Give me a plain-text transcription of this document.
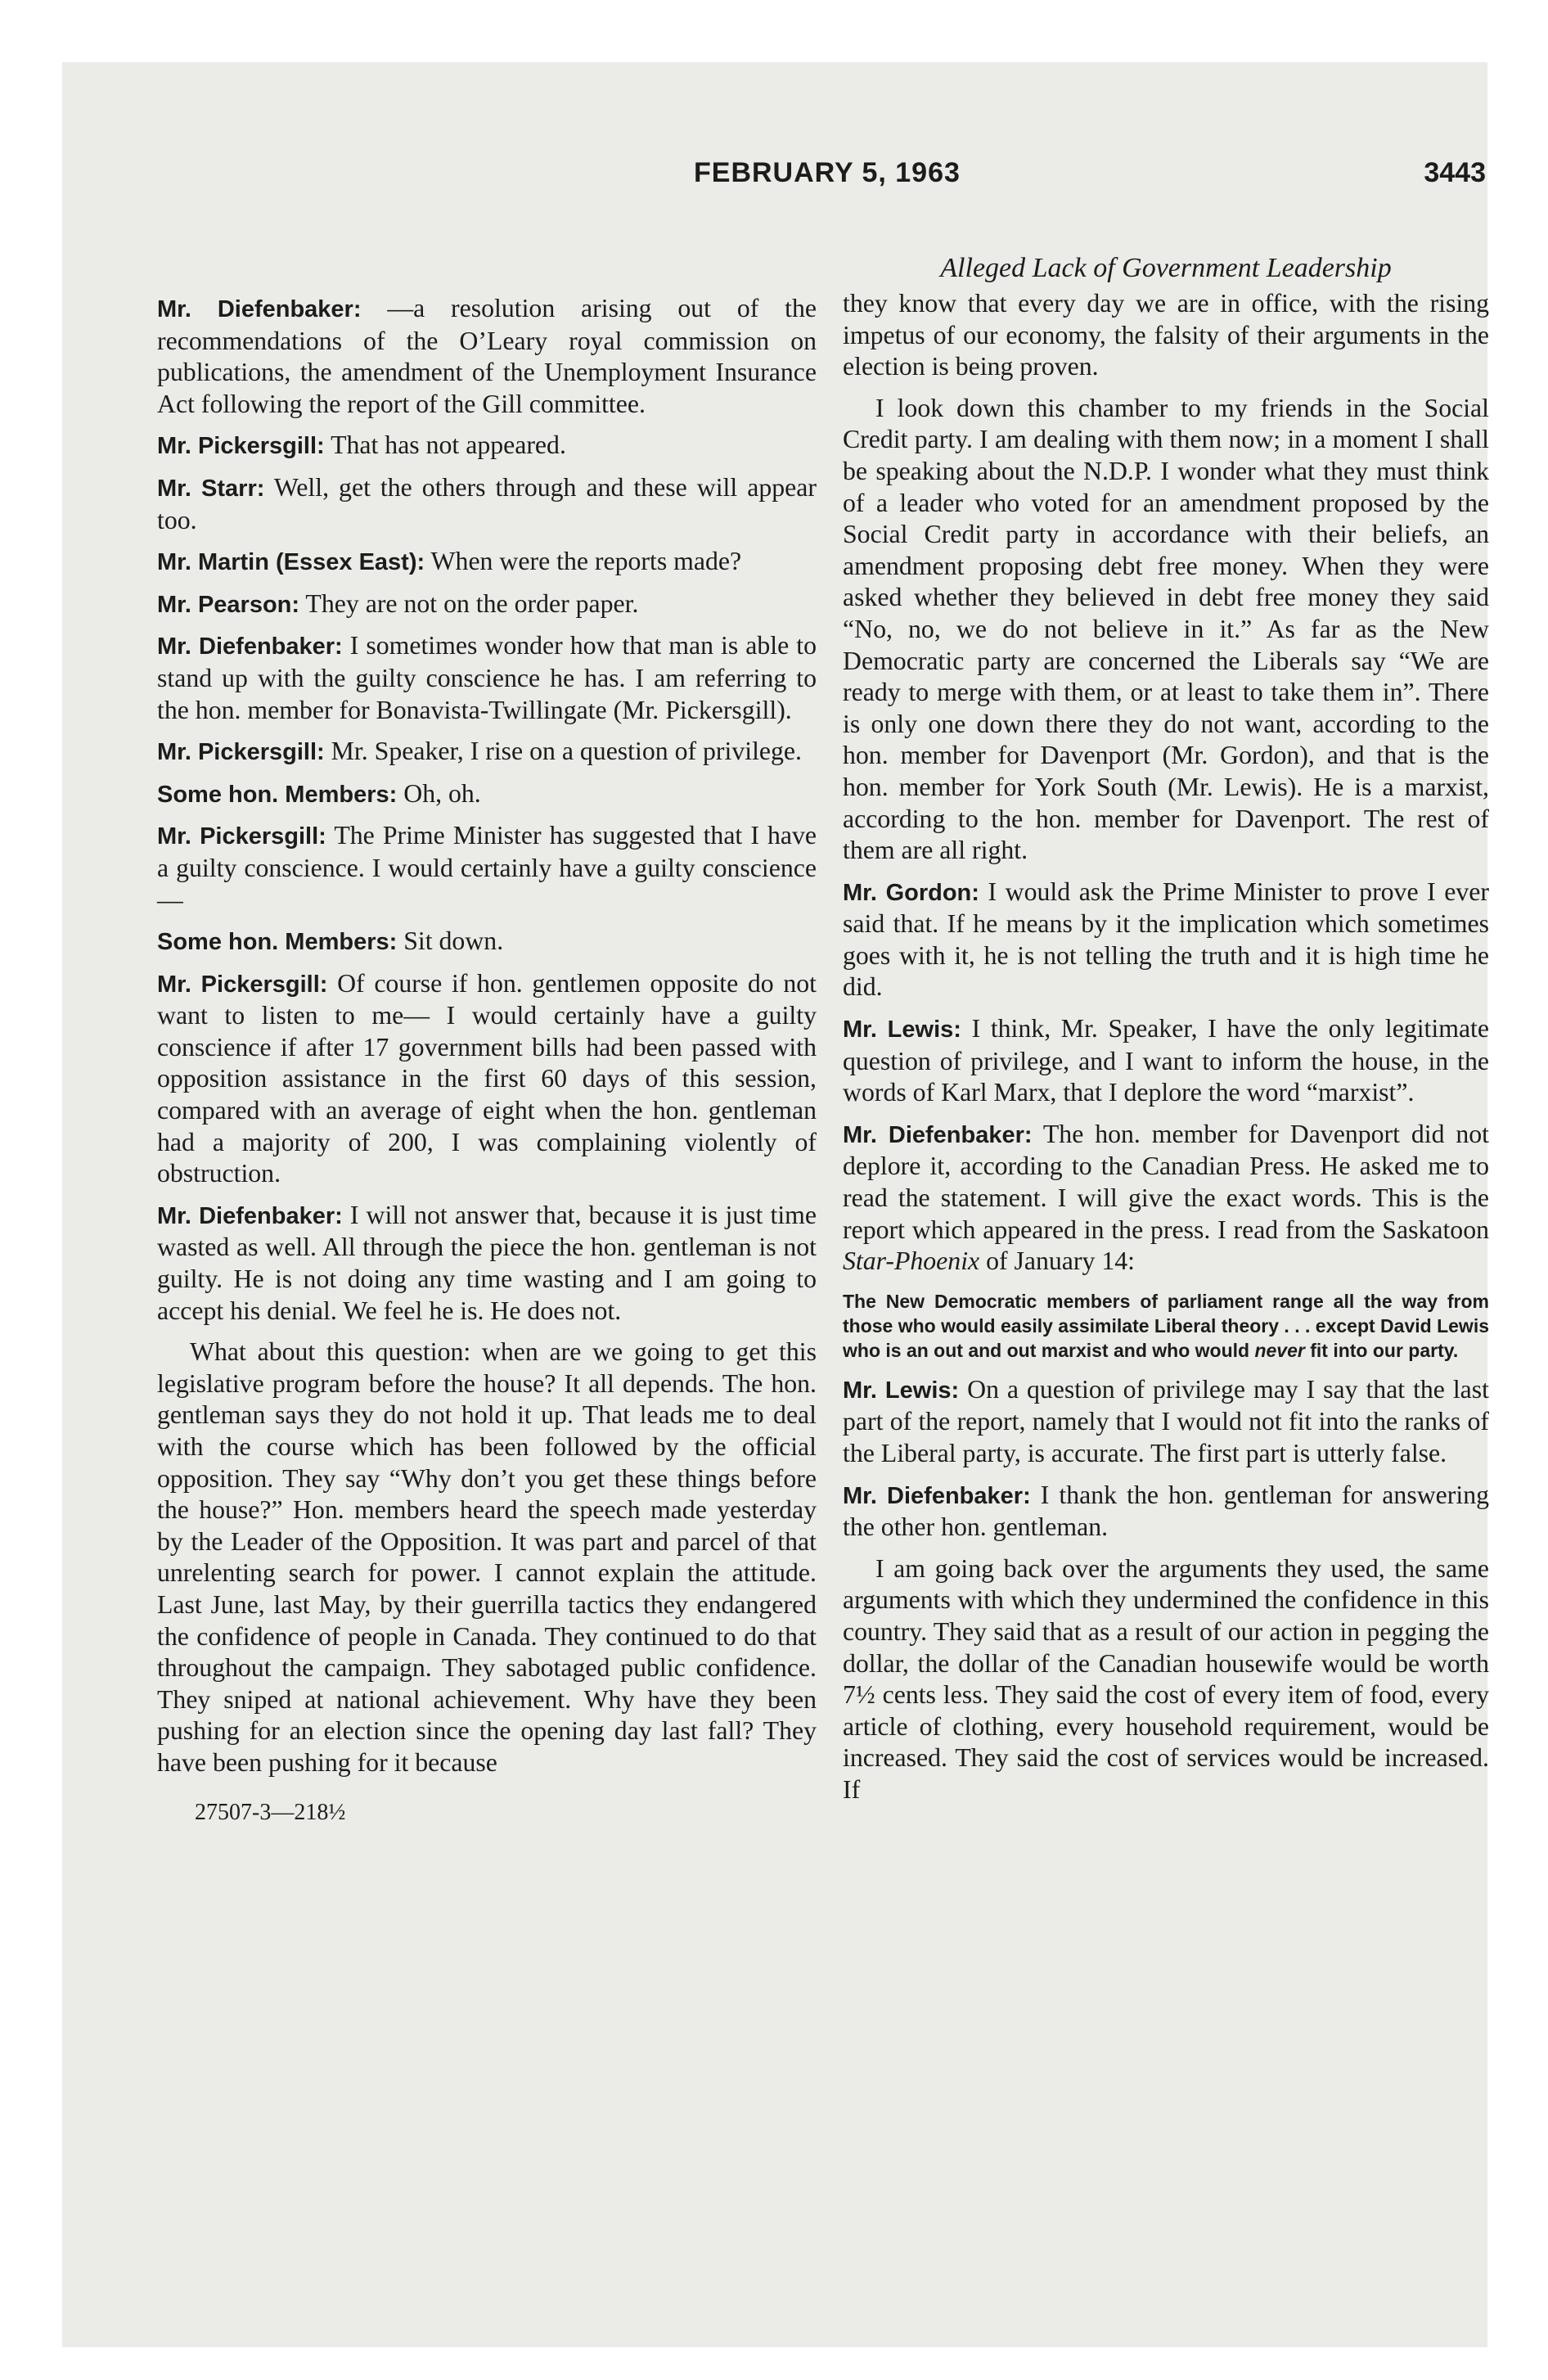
FEBRUARY 5, 1963	3443

Mr. Diefenbaker: —a resolution arising out of the recommendations of the O’Leary royal commission on publications, the amendment of the Unemployment Insurance Act following the report of the Gill committee.

Mr. Pickersgill: That has not appeared.

Mr. Starr: Well, get the others through and these will appear too.

Mr. Martin (Essex East): When were the reports made?

Mr. Pearson: They are not on the order paper.

Mr. Diefenbaker: I sometimes wonder how that man is able to stand up with the guilty conscience he has. I am referring to the hon. member for Bonavista-Twillingate (Mr. Pickersgill).

Mr. Pickersgill: Mr. Speaker, I rise on a question of privilege.

Some hon. Members: Oh, oh.

Mr. Pickersgill: The Prime Minister has suggested that I have a guilty conscience. I would certainly have a guilty conscience—

Some hon. Members: Sit down.

Mr. Pickersgill: Of course if hon. gentlemen opposite do not want to listen to me— I would certainly have a guilty conscience if after 17 government bills had been passed with opposition assistance in the first 60 days of this session, compared with an average of eight when the hon. gentleman had a majority of 200, I was complaining violently of obstruction.

Mr. Diefenbaker: I will not answer that, because it is just time wasted as well. All through the piece the hon. gentleman is not guilty. He is not doing any time wasting and I am going to accept his denial. We feel he is. He does not.

What about this question: when are we going to get this legislative program before the house? It all depends. The hon. gentleman says they do not hold it up. That leads me to deal with the course which has been followed by the official opposition. They say “Why don’t you get these things before the house?” Hon. members heard the speech made yesterday by the Leader of the Opposition. It was part and parcel of that unrelenting search for power. I cannot explain the attitude. Last June, last May, by their guerrilla tactics they endangered the confidence of people in Canada. They continued to do that throughout the campaign. They sabotaged public confidence. They sniped at national achievement. Why have they been pushing for an election since the opening day last fall? They have been pushing for it because

27507-3—218½
Alleged Lack of Government Leadership

they know that every day we are in office, with the rising impetus of our economy, the falsity of their arguments in the election is being proven.

I look down this chamber to my friends in the Social Credit party. I am dealing with them now; in a moment I shall be speaking about the N.D.P. I wonder what they must think of a leader who voted for an amendment proposed by the Social Credit party in accordance with their beliefs, an amendment proposing debt free money. When they were asked whether they believed in debt free money they said “No, no, we do not believe in it.” As far as the New Democratic party are concerned the Liberals say “We are ready to merge with them, or at least to take them in”. There is only one down there they do not want, according to the hon. member for Davenport (Mr. Gordon), and that is the hon. member for York South (Mr. Lewis). He is a marxist, according to the hon. member for Davenport. The rest of them are all right.

Mr. Gordon: I would ask the Prime Minister to prove I ever said that. If he means by it the implication which sometimes goes with it, he is not telling the truth and it is high time he did.

Mr. Lewis: I think, Mr. Speaker, I have the only legitimate question of privilege, and I want to inform the house, in the words of Karl Marx, that I deplore the word “marxist”.

Mr. Diefenbaker: The hon. member for Davenport did not deplore it, according to the Canadian Press. He asked me to read the statement. I will give the exact words. This is the report which appeared in the press. I read from the Saskatoon Star-Phoenix of January 14:

The New Democratic members of parliament range all the way from those who would easily assimilate Liberal theory . . . except David Lewis who is an out and out marxist and who would never fit into our party.

Mr. Lewis: On a question of privilege may I say that the last part of the report, namely that I would not fit into the ranks of the Liberal party, is accurate. The first part is utterly false.

Mr. Diefenbaker: I thank the hon. gentleman for answering the other hon. gentleman.

I am going back over the arguments they used, the same arguments with which they undermined the confidence in this country. They said that as a result of our action in pegging the dollar, the dollar of the Canadian housewife would be worth 7½ cents less. They said the cost of every item of food, every article of clothing, every household requirement, would be increased. They said the cost of services would be increased. If
